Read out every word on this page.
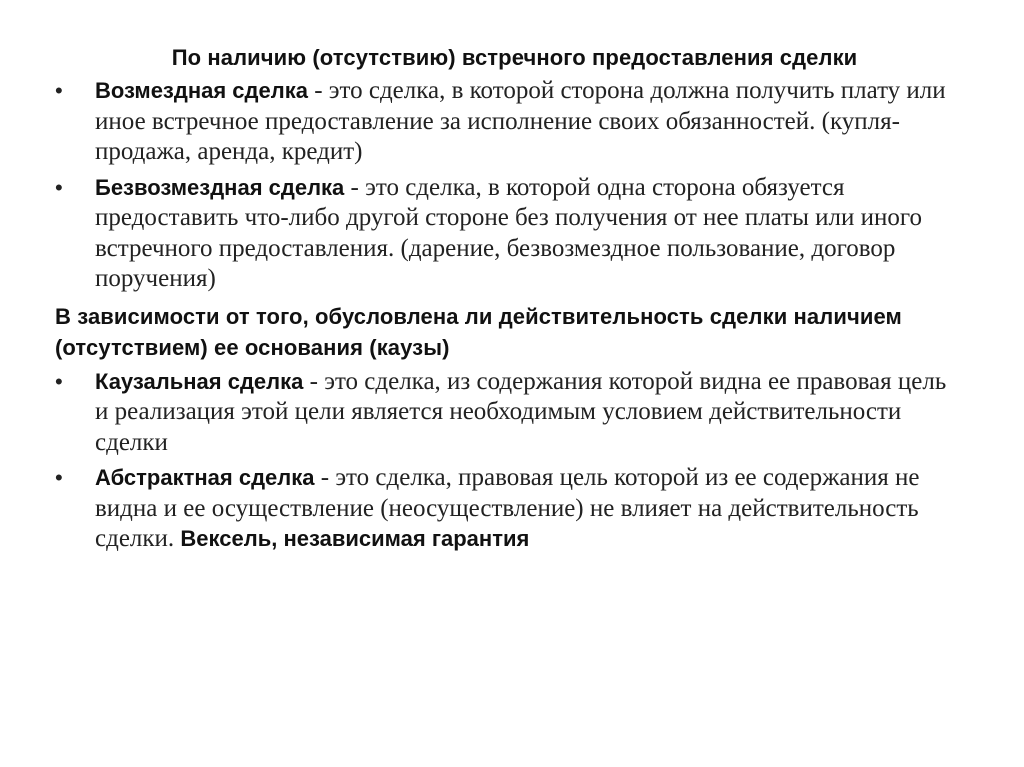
По наличию (отсутствию) встречного предоставления сделки
•	Возмездная сделка - это сделка, в которой сторона должна получить плату или иное встречное предоставление за исполнение своих обязанностей. (купля-продажа, аренда, кредит)
•	Безвозмездная сделка - это сделка, в которой одна сторона обязуется предоставить что-либо другой стороне без получения от нее платы или иного встречного предоставления. (дарение, безвозмездное пользование, договор поручения)
В зависимости от того, обусловлена ли действительность сделки наличием (отсутствием) ее основания (каузы)
•	Каузальная сделка - это сделка, из содержания которой видна ее правовая цель и реализация этой цели является необходимым условием действительности сделки
•	Абстрактная сделка - это сделка, правовая цель которой из ее содержания не видна и ее осуществление (неосуществление) не влияет на действительность сделки. Вексель, независимая гарантия
